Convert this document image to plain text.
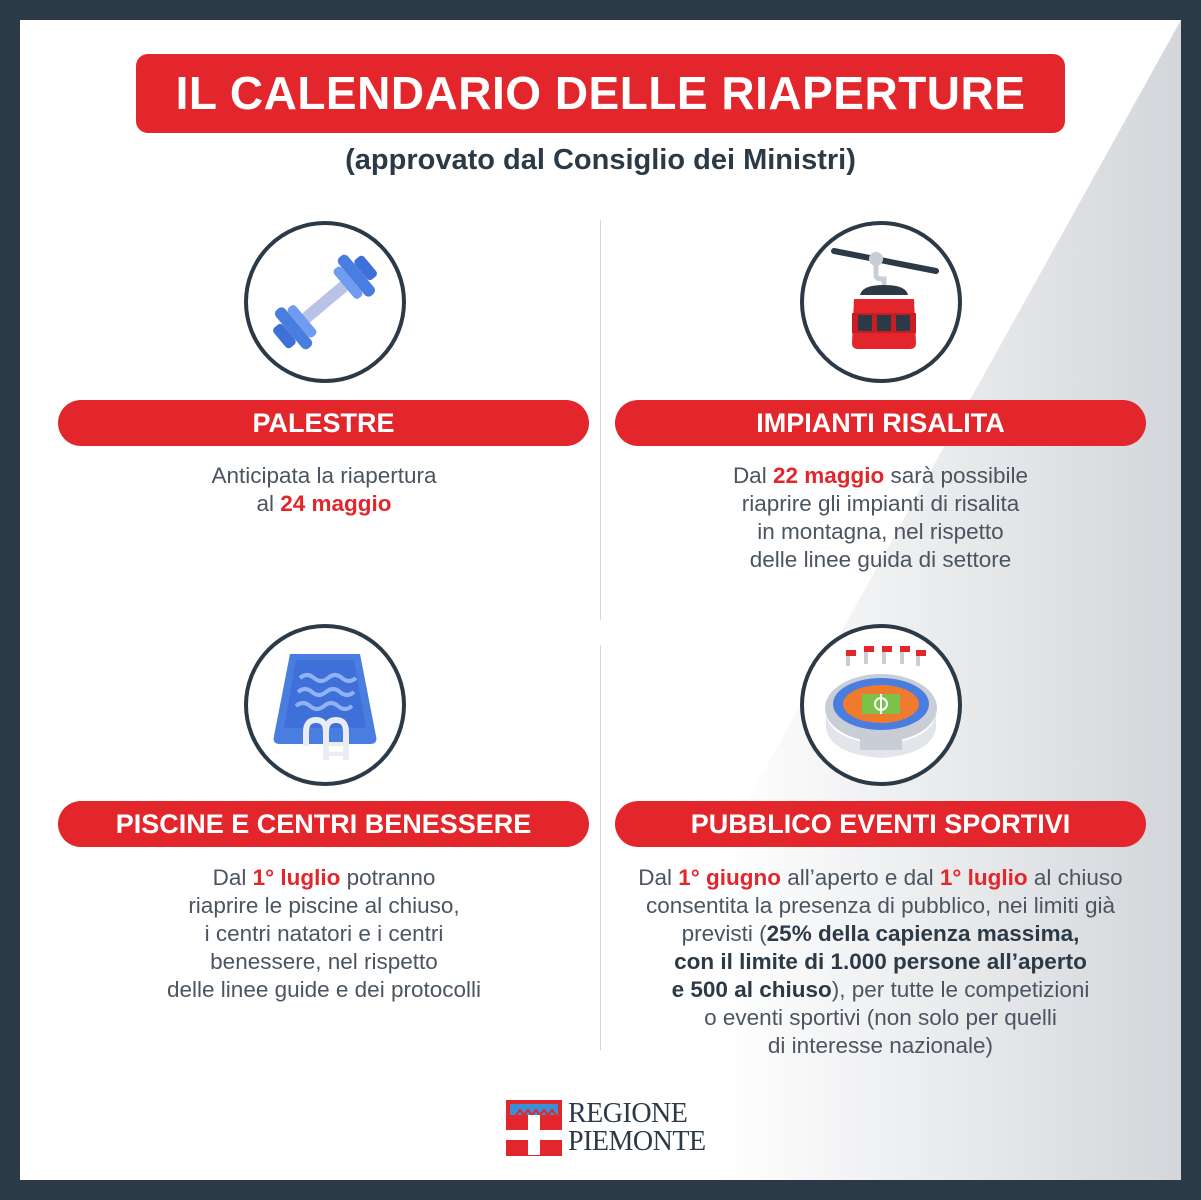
IL CALENDARIO DELLE RIAPERTURE
(approvato dal Consiglio dei Ministri)
PALESTRE
Anticipata la riapertura
al 24 maggio
IMPIANTI RISALITA
Dal 22 maggio sarà possibile
riaprire gli impianti di risalita
in montagna, nel rispetto
delle linee guida di settore
PISCINE E CENTRI BENESSERE
Dal 1° luglio potranno
riaprire le piscine al chiuso,
i centri natatori e i centri
benessere, nel rispetto
delle linee guide e dei protocolli
PUBBLICO EVENTI SPORTIVI
Dal 1° giugno all’aperto e dal 1° luglio al chiuso
consentita la presenza di pubblico, nei limiti già
previsti (25% della capienza massima,
con il limite di 1.000 persone all’aperto
e 500 al chiuso), per tutte le competizioni
o eventi sportivi (non solo per quelli
di interesse nazionale)
REGIONE
PIEMONTE
